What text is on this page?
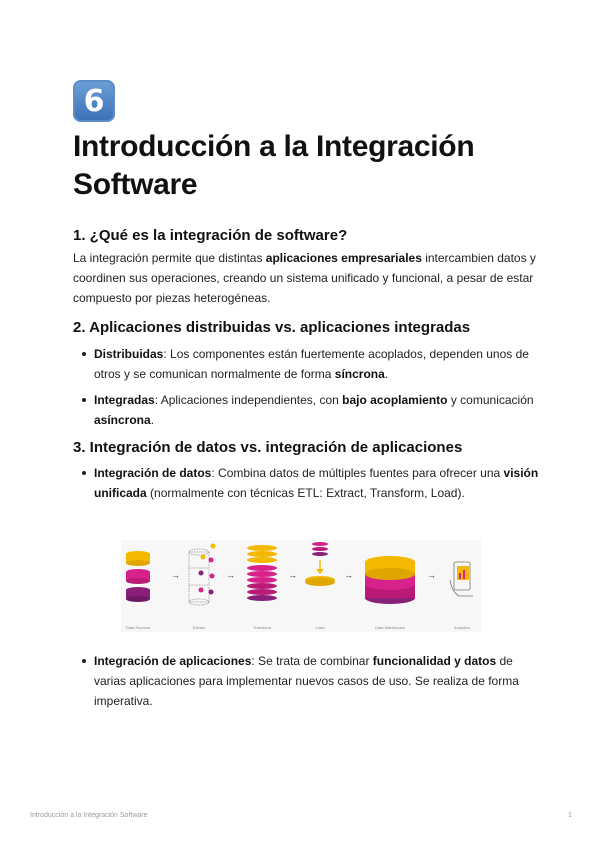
6
Introducción a la Integración Software
1. ¿Qué es la integración de software?

La integración permite que distintas aplicaciones empresariales intercambien datos y coordinen sus operaciones, creando un sistema unificado y funcional, a pesar de estar compuesto por piezas heterogéneas.

2. Aplicaciones distribuidas vs. aplicaciones integradas
Distribuidas: Los componentes están fuertemente acoplados, dependen unos de otros y se comunican normalmente de forma síncrona.
Integradas: Aplicaciones independientes, con bajo acoplamiento y comunicación asíncrona.
3. Integración de datos vs. integración de aplicaciones
Integración de datos: Combina datos de múltiples fuentes para ofrecer una visión unificada (normalmente con técnicas ETL: Extract, Transform, Load).
→	→	→	→	→
Data Sources	Extract	Transform	Load	Data Warehouse	Analytics
Integración de aplicaciones: Se trata de combinar funcionalidad y datos de varias aplicaciones para implementar nuevos casos de uso. Se realiza de forma imperativa.
Introducción a la Integración Software	1
